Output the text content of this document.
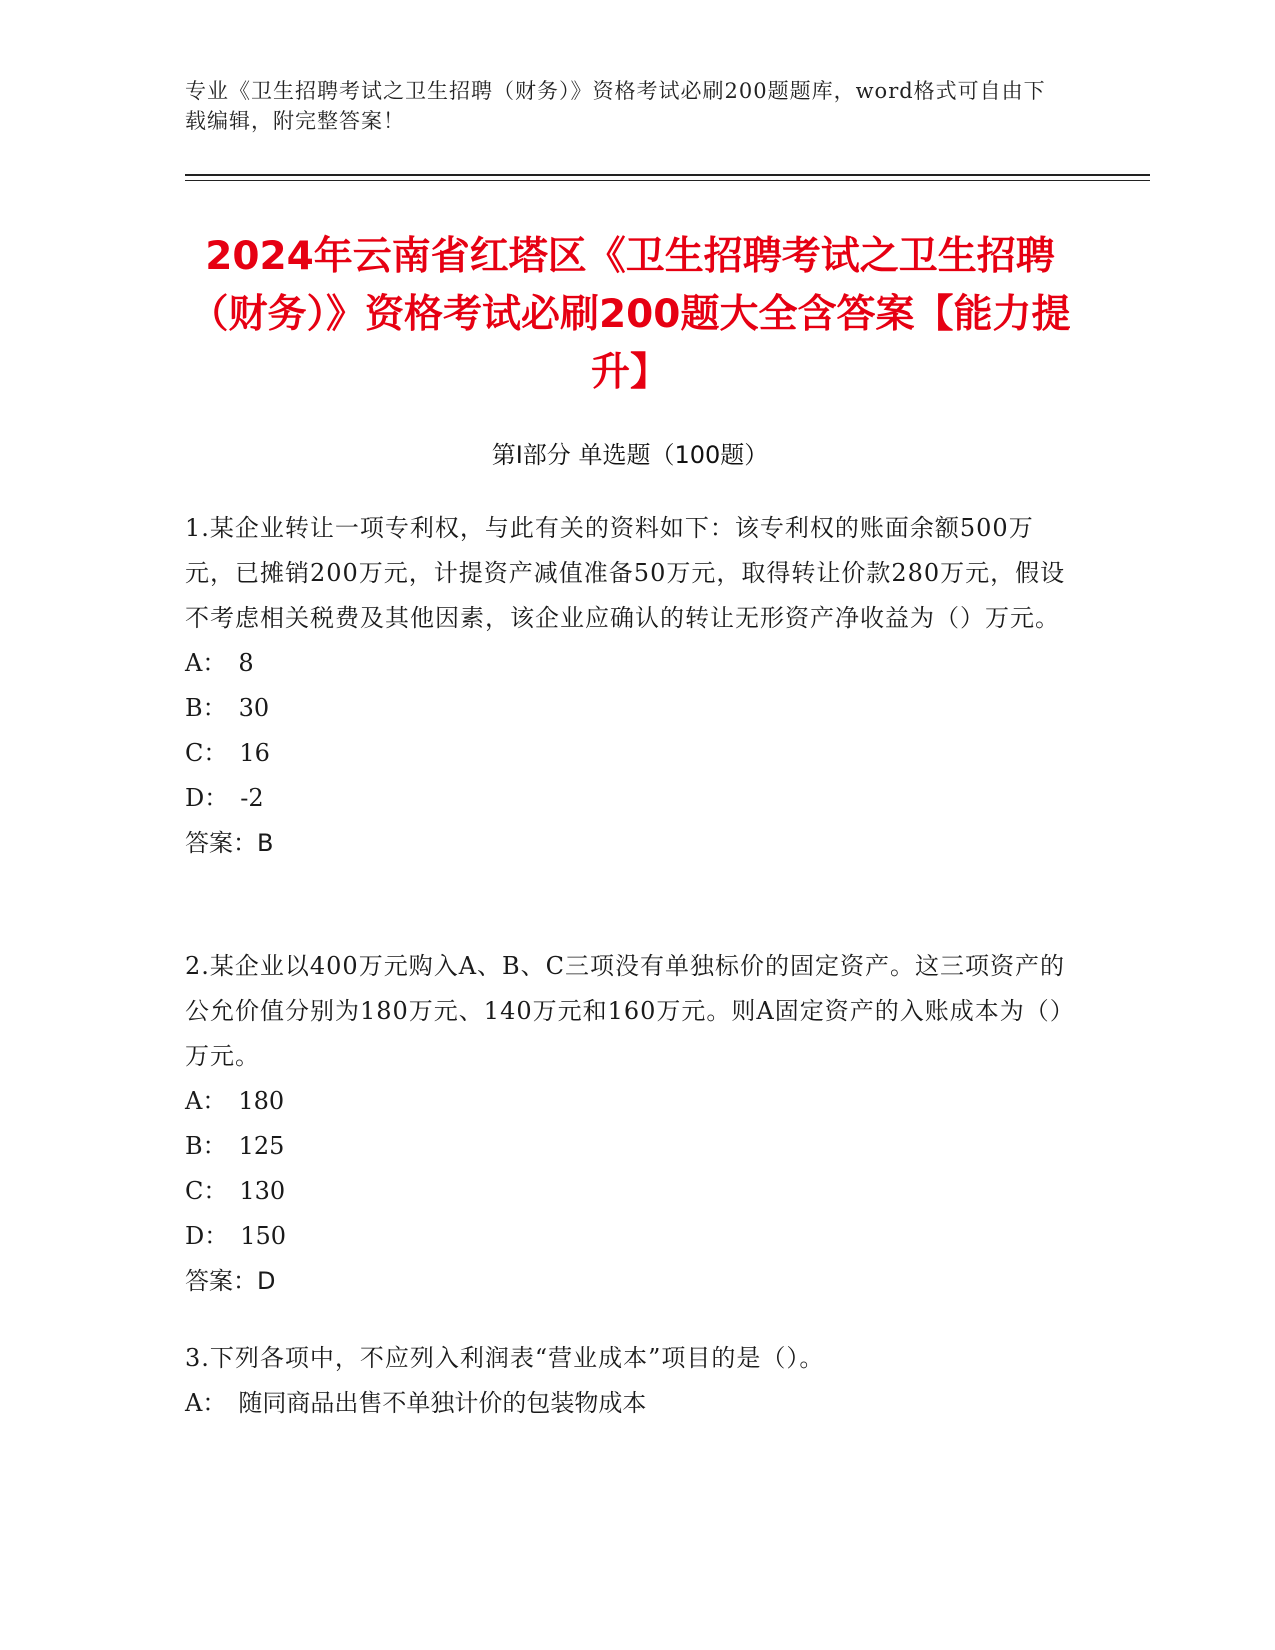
专业《卫生招聘考试之卫生招聘（财务）》资格考试必刷200题题库，word格式可自由下载编辑，附完整答案！
2024年云南省红塔区《卫生招聘考试之卫生招聘（财务）》资格考试必刷200题大全含答案【能力提升】
第Ⅰ部分 单选题（100题）
1.某企业转让一项专利权，与此有关的资料如下：该专利权的账面余额500万元，已摊销200万元，计提资产减值准备50万元，取得转让价款280万元，假设不考虑相关税费及其他因素，该企业应确认的转让无形资产净收益为（）万元。
A： 8
B： 30
C： 16
D： -2
答案：B
2.某企业以400万元购入A、B、C三项没有单独标价的固定资产。这三项资产的公允价值分别为180万元、140万元和160万元。则A固定资产的入账成本为（）万元。
A： 180
B： 125
C： 130
D： 150
答案：D
3.下列各项中，不应列入利润表“营业成本”项目的是（）。
A： 随同商品出售不单独计价的包装物成本
